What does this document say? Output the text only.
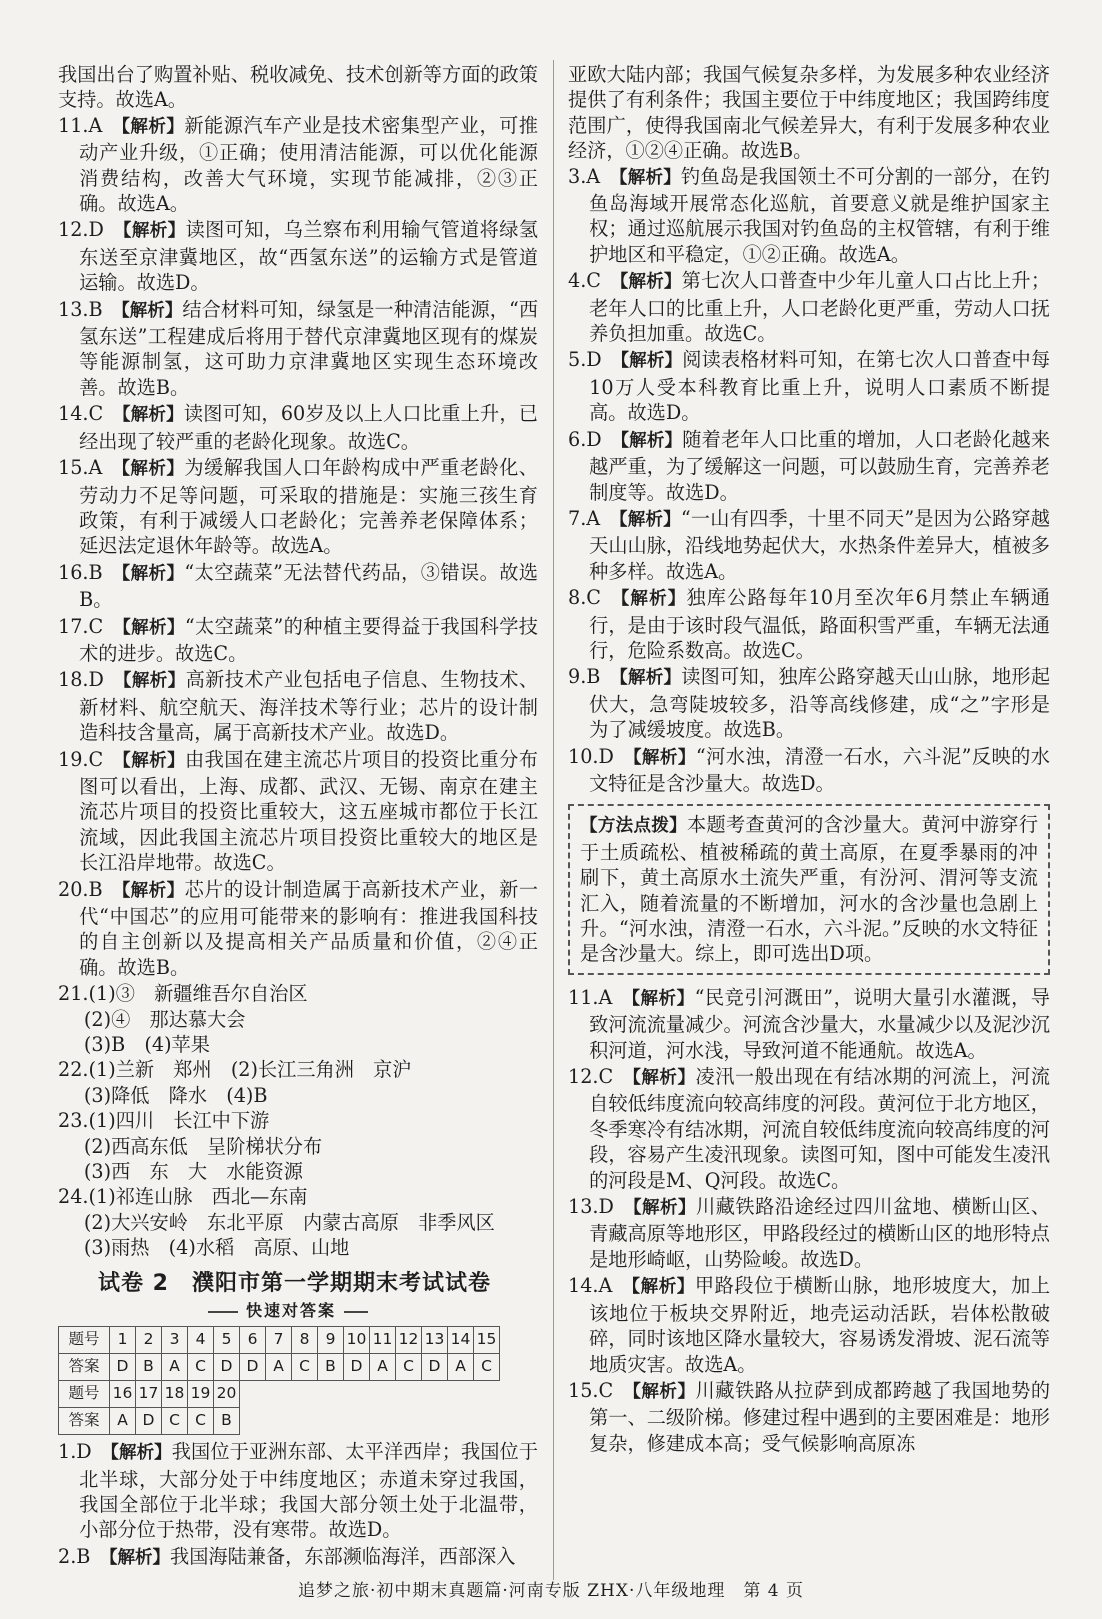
我国出台了购置补贴、税收减免、技术创新等方面的政策支持。故选A。

11.A  【解析】新能源汽车产业是技术密集型产业，可推动产业升级，①正确；使用清洁能源，可以优化能源消费结构，改善大气环境，实现节能减排，②③正确。故选A。

12.D  【解析】读图可知，乌兰察布利用输气管道将绿氢东送至京津冀地区，故“西氢东送”的运输方式是管道运输。故选D。

13.B  【解析】结合材料可知，绿氢是一种清洁能源，“西氢东送”工程建成后将用于替代京津冀地区现有的煤炭等能源制氢，这可助力京津冀地区实现生态环境改善。故选B。

14.C  【解析】读图可知，60岁及以上人口比重上升，已经出现了较严重的老龄化现象。故选C。

15.A  【解析】为缓解我国人口年龄构成中严重老龄化、劳动力不足等问题，可采取的措施是：实施三孩生育政策，有利于减缓人口老龄化；完善养老保障体系；延迟法定退休年龄等。故选A。

16.B  【解析】“太空蔬菜”无法替代药品，③错误。故选B。

17.C  【解析】“太空蔬菜”的种植主要得益于我国科学技术的进步。故选C。

18.D  【解析】高新技术产业包括电子信息、生物技术、新材料、航空航天、海洋技术等行业；芯片的设计制造科技含量高，属于高新技术产业。故选D。

19.C  【解析】由我国在建主流芯片项目的投资比重分布图可以看出，上海、成都、武汉、无锡、南京在建主流芯片项目的投资比重较大，这五座城市都位于长江流域，因此我国主流芯片项目投资比重较大的地区是长江沿岸地带。故选C。

20.B  【解析】芯片的设计制造属于高新技术产业，新一代“中国芯”的应用可能带来的影响有：推进我国科技的自主创新以及提高相关产品质量和价值，②④正确。故选B。

21.(1)③　新疆维吾尔自治区

(2)④　那达慕大会

(3)B　(4)苹果

22.(1)兰新　郑州　(2)长江三角洲　京沪

(3)降低　降水　(4)B

23.(1)四川　长江中下游

(2)西高东低　呈阶梯状分布

(3)西　东　大　水能资源

24.(1)祁连山脉　西北—东南

(2)大兴安岭　东北平原　内蒙古高原　非季风区

(3)雨热　(4)水稻　高原、山地

试卷 2　濮阳市第一学期期末考试试卷
快速对答案
题号	1	2	3	4	5	6	7	8	9	10	11	12	13	14	15
答案	D	B	A	C	D	D	A	C	B	D	A	C	D	A	C
题号	16	17	18	19	20										
答案	A	D	C	C	B										

1.D  【解析】我国位于亚洲东部、太平洋西岸；我国位于北半球，大部分处于中纬度地区；赤道未穿过我国，我国全部位于北半球；我国大部分领土处于北温带，小部分位于热带，没有寒带。故选D。

2.B  【解析】我国海陆兼备，东部濒临海洋，西部深入

亚欧大陆内部；我国气候复杂多样，为发展多种农业经济提供了有利条件；我国主要位于中纬度地区；我国跨纬度范围广，使得我国南北气候差异大，有利于发展多种农业经济，①②④正确。故选B。

3.A  【解析】钓鱼岛是我国领土不可分割的一部分，在钓鱼岛海域开展常态化巡航，首要意义就是维护国家主权；通过巡航展示我国对钓鱼岛的主权管辖，有利于维护地区和平稳定，①②正确。故选A。

4.C  【解析】第七次人口普查中少年儿童人口占比上升；老年人口的比重上升，人口老龄化更严重，劳动人口抚养负担加重。故选C。

5.D  【解析】阅读表格材料可知，在第七次人口普查中每10万人受本科教育比重上升，说明人口素质不断提高。故选D。

6.D  【解析】随着老年人口比重的增加，人口老龄化越来越严重，为了缓解这一问题，可以鼓励生育，完善养老制度等。故选D。

7.A  【解析】“一山有四季，十里不同天”是因为公路穿越天山山脉，沿线地势起伏大，水热条件差异大，植被多种多样。故选A。

8.C  【解析】独库公路每年10月至次年6月禁止车辆通行，是由于该时段气温低，路面积雪严重，车辆无法通行，危险系数高。故选C。

9.B  【解析】读图可知，独库公路穿越天山山脉，地形起伏大，急弯陡坡较多，沿等高线修建，成“之”字形是为了减缓坡度。故选B。

10.D  【解析】“河水浊，清澄一石水，六斗泥”反映的水文特征是含沙量大。故选D。

【方法点拨】本题考查黄河的含沙量大。黄河中游穿行于土质疏松、植被稀疏的黄土高原，在夏季暴雨的冲刷下，黄土高原水土流失严重，有汾河、渭河等支流汇入，随着流量的不断增加，河水的含沙量也急剧上升。“河水浊，清澄一石水，六斗泥。”反映的水文特征是含沙量大。综上，即可选出D项。

11.A  【解析】“民竞引河溉田”，说明大量引水灌溉，导致河流流量减少。河流含沙量大，水量减少以及泥沙沉积河道，河水浅，导致河道不能通航。故选A。

12.C  【解析】凌汛一般出现在有结冰期的河流上，河流自较低纬度流向较高纬度的河段。黄河位于北方地区，冬季寒冷有结冰期，河流自较低纬度流向较高纬度的河段，容易产生凌汛现象。读图可知，图中可能发生凌汛的河段是M、Q河段。故选C。

13.D  【解析】川藏铁路沿途经过四川盆地、横断山区、青藏高原等地形区，甲路段经过的横断山区的地形特点是地形崎岖，山势险峻。故选D。

14.A  【解析】甲路段位于横断山脉，地形坡度大，加上该地位于板块交界附近，地壳运动活跃，岩体松散破碎，同时该地区降水量较大，容易诱发滑坡、泥石流等地质灾害。故选A。

15.C  【解析】川藏铁路从拉萨到成都跨越了我国地势的第一、二级阶梯。修建过程中遇到的主要困难是：地形复杂，修建成本高；受气候影响高原冻

追梦之旅·初中期末真题篇·河南专版 ZHX·八年级地理　第 4 页
